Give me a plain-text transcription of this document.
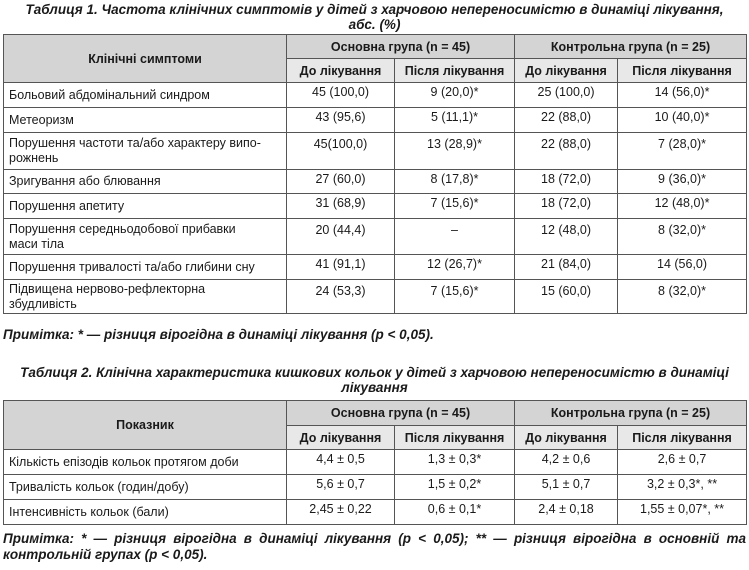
Таблиця 1. Частота клінічних симптомів у дітей з харчовою непереносимістю в динаміці лікування,
абс. (%)
Клінічні симптоми	Основна група (n = 45)		Контрольна група (n = 25)	
	До лікування	Після лікування	До лікування	Після лікування
Больовий абдомінальний синдром	45 (100,0)	9 (20,0)*	25 (100,0)	14 (56,0)*
Метеоризм	43 (95,6)	5 (11,1)*	22 (88,0)	10 (40,0)*
Порушення частоти та/або характеру випо-
рожнень	45(100,0)	13 (28,9)*	22 (88,0)	7 (28,0)*
Зригування або блювання	27 (60,0)	8 (17,8)*	18 (72,0)	9 (36,0)*
Порушення апетиту	31 (68,9)	7 (15,6)*	18 (72,0)	12 (48,0)*
Порушення середньодобової прибавки
маси тіла	20 (44,4)	–	12 (48,0)	8 (32,0)*
Порушення тривалості та/або глибини сну	41 (91,1)	12 (26,7)*	21 (84,0)	14 (56,0)
Підвищена нервово-рефлекторна
збудливість	24 (53,3)	7 (15,6)*	15 (60,0)	8 (32,0)*
Примітка: * — різниця вірогідна в динаміці лікування (р < 0,05).
Таблиця 2. Клінічна характеристика кишкових кольок у дітей з харчовою непереносимістю в динаміці
лікування
Показник	Основна група (n = 45)		Контрольна група (n = 25)	
	До лікування	Після лікування	До лікування	Після лікування
Кількість епізодів кольок протягом доби	4,4 ± 0,5	1,3 ± 0,3*	4,2 ± 0,6	2,6 ± 0,7
Тривалість кольок (годин/добу)	5,6 ± 0,7	1,5 ± 0,2*	5,1 ± 0,7	3,2 ± 0,3*, **
Інтенсивність кольок (бали)	2,45 ± 0,22	0,6 ± 0,1*	2,4 ± 0,18	1,55 ± 0,07*, **
Примітка: * — різниця вірогідна в динаміці лікування (р < 0,05); ** — різниця вірогідна в основній та
контрольній групах (р < 0,05).
